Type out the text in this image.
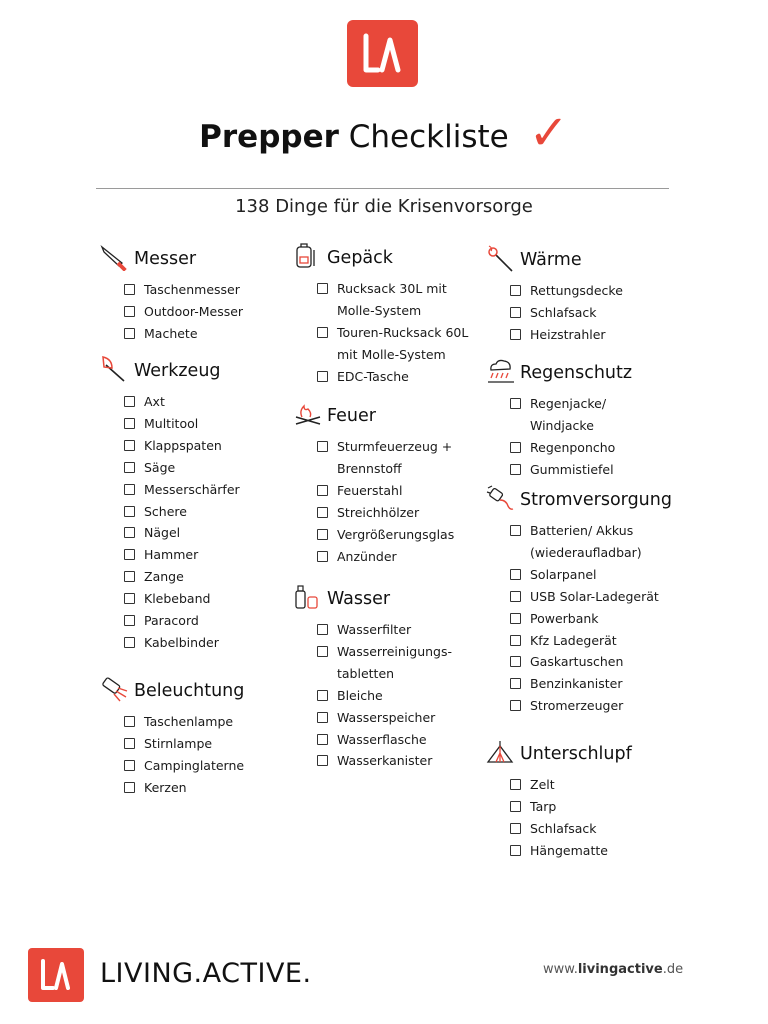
Prepper Checkliste ✓
138 Dinge für die Krisenvorsorge
Messer
Taschenmesser
Outdoor-Messer
Machete
Werkzeug
Axt
Multitool
Klappspaten
Säge
Messerschärfer
Schere
Nägel
Hammer
Zange
Klebeband
Paracord
Kabelbinder
Beleuchtung
Taschenlampe
Stirnlampe
Campinglaterne
Kerzen
Gepäck
Rucksack 30L mit
Molle-System
Touren-Rucksack 60L
mit Molle-System
EDC-Tasche
Feuer
Sturmfeuerzeug +
Brennstoff
Feuerstahl
Streichhölzer
Vergrößerungsglas
Anzünder
Wasser
Wasserfilter
Wasserreinigungs-
tabletten
Bleiche
Wasserspeicher
Wasserflasche
Wasserkanister
Wärme
Rettungsdecke
Schlafsack
Heizstrahler
Regenschutz
Regenjacke/
Windjacke
Regenponcho
Gummistiefel
Stromversorgung
Batterien/ Akkus
(wiederaufladbar)
Solarpanel
USB Solar-Ladegerät
Powerbank
Kfz Ladegerät
Gaskartuschen
Benzinkanister
Stromerzeuger
Unterschlupf
Zelt
Tarp
Schlafsack
Hängematte
LIVING.ACTIVE.	www.livingactive.de
